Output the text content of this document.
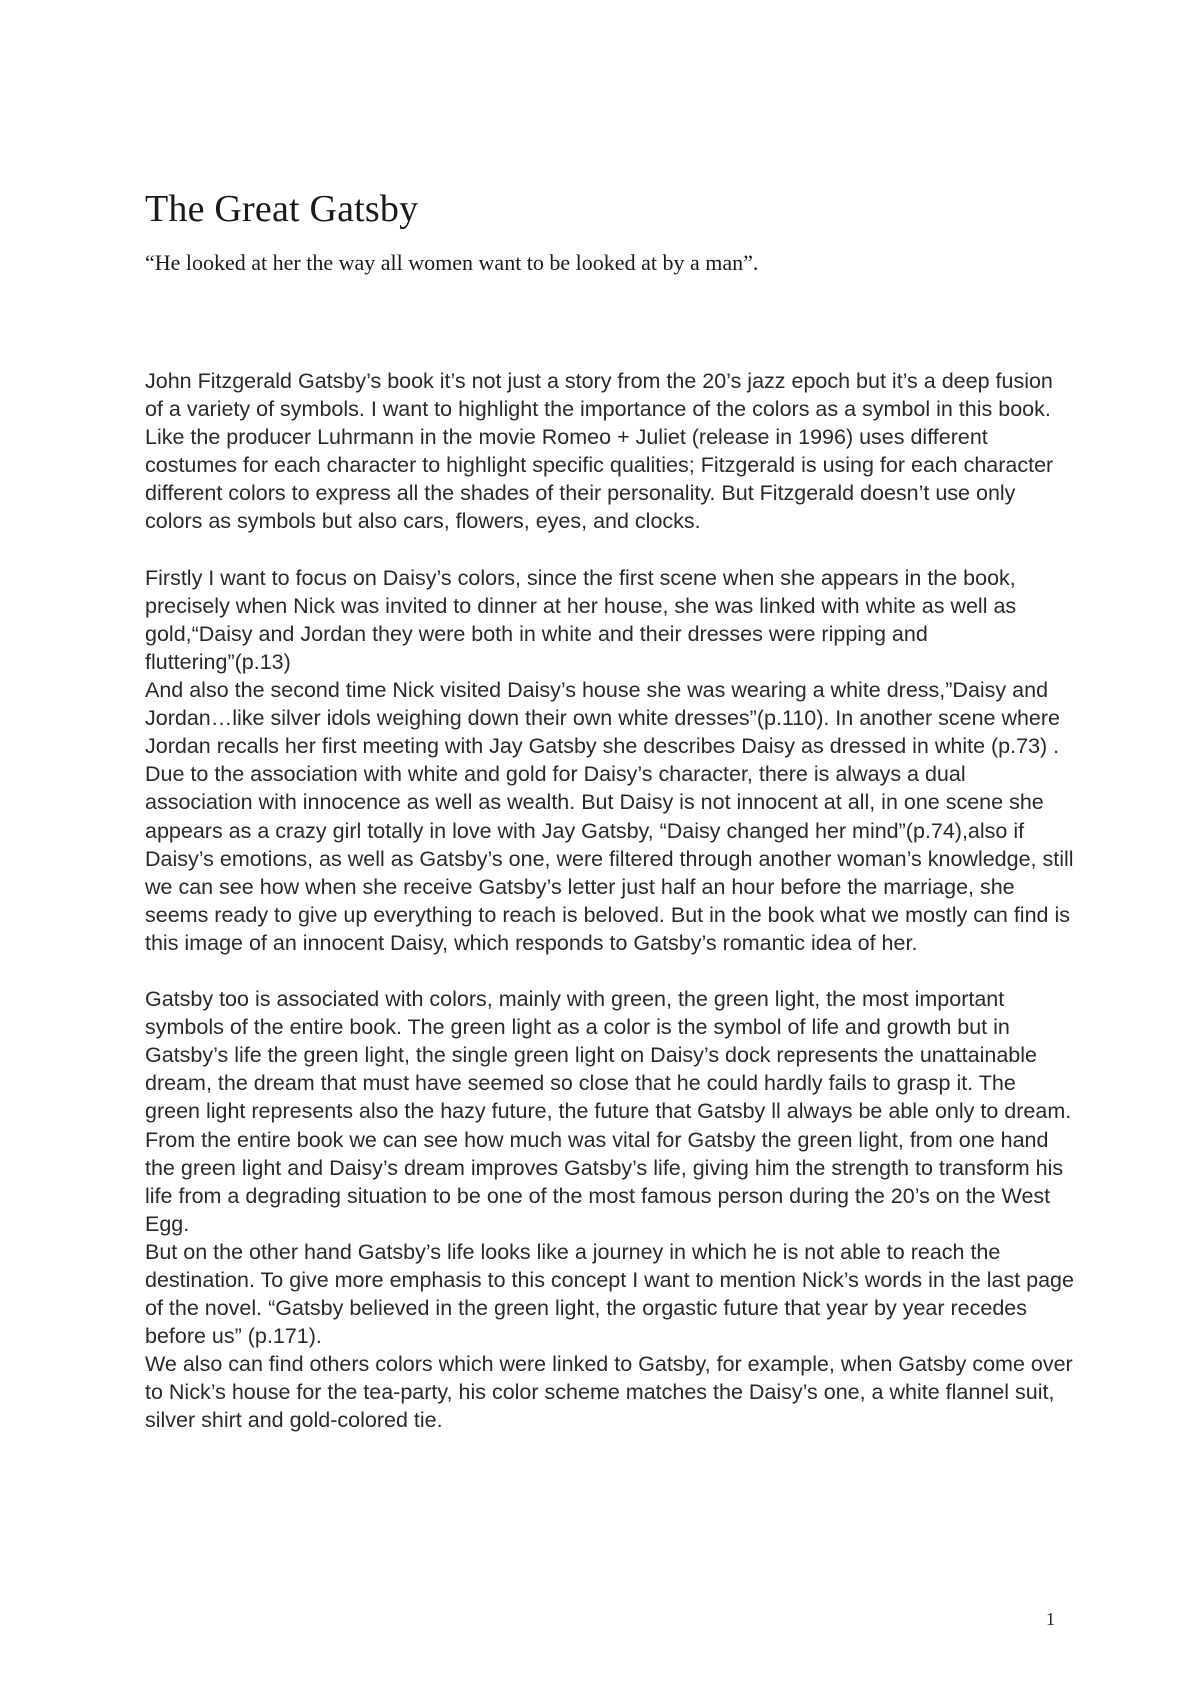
The Great Gatsby

“He looked at her the way all women want to be looked at by a man”.

John Fitzgerald Gatsby’s book it’s not just a story from the 20’s jazz epoch but it’s a deep fusion of a variety of symbols. I want to highlight the importance of the colors as a symbol in this book. Like the producer Luhrmann in the movie Romeo + Juliet (release in 1996) uses different costumes for each character to highlight specific qualities; Fitzgerald is using for each character different colors to express all the shades of their personality. But Fitzgerald doesn’t use only colors as symbols but also cars, flowers, eyes, and clocks.

Firstly I want to focus on Daisy’s colors, since the first scene when she appears in the book, precisely when Nick was invited to dinner at her house, she was linked with white as well as gold,“Daisy and Jordan they were both in white and their dresses were ripping and fluttering”(p.13)

And also the second time Nick visited Daisy’s house she was wearing a white dress,”Daisy and Jordan…like silver idols weighing down their own white dresses”(p.110). In another scene where Jordan recalls her first meeting with Jay Gatsby she describes Daisy as dressed in white (p.73) .

Due to the association with white and gold for Daisy’s character, there is always a dual association with innocence as well as wealth. But Daisy is not innocent at all, in one scene she appears as a crazy girl totally in love with Jay Gatsby, “Daisy changed her mind”(p.74),also if Daisy’s emotions, as well as Gatsby’s one, were filtered through another woman’s knowledge, still we can see how when she receive Gatsby’s letter just half an hour before the marriage, she seems ready to give up everything to reach is beloved. But in the book what we mostly can find is this image of an innocent Daisy, which responds to Gatsby’s romantic idea of her.

Gatsby too is associated with colors, mainly with green, the green light, the most important symbols of the entire book. The green light as a color is the symbol of life and growth but in Gatsby’s life the green light, the single green light on Daisy’s dock represents the unattainable dream, the dream that must have seemed so close that he could hardly fails to grasp it. The green light represents also the hazy future, the future that Gatsby ll always be able only to dream.

From the entire book we can see how much was vital for Gatsby the green light, from one hand the green light and Daisy’s dream improves Gatsby’s life, giving him the strength to transform his life from a degrading situation to be one of the most famous person during the 20’s on the West Egg.

But on the other hand Gatsby’s life looks like a journey in which he is not able to reach the destination. To give more emphasis to this concept I want to mention Nick’s words in the last page of the novel. “Gatsby believed in the green light, the orgastic future that year by year recedes before us” (p.171).

We also can find others colors which were linked to Gatsby, for example, when Gatsby come over to Nick’s house for the tea-party, his color scheme matches the Daisy’s one, a white flannel suit, silver shirt and gold-colored tie.

1
